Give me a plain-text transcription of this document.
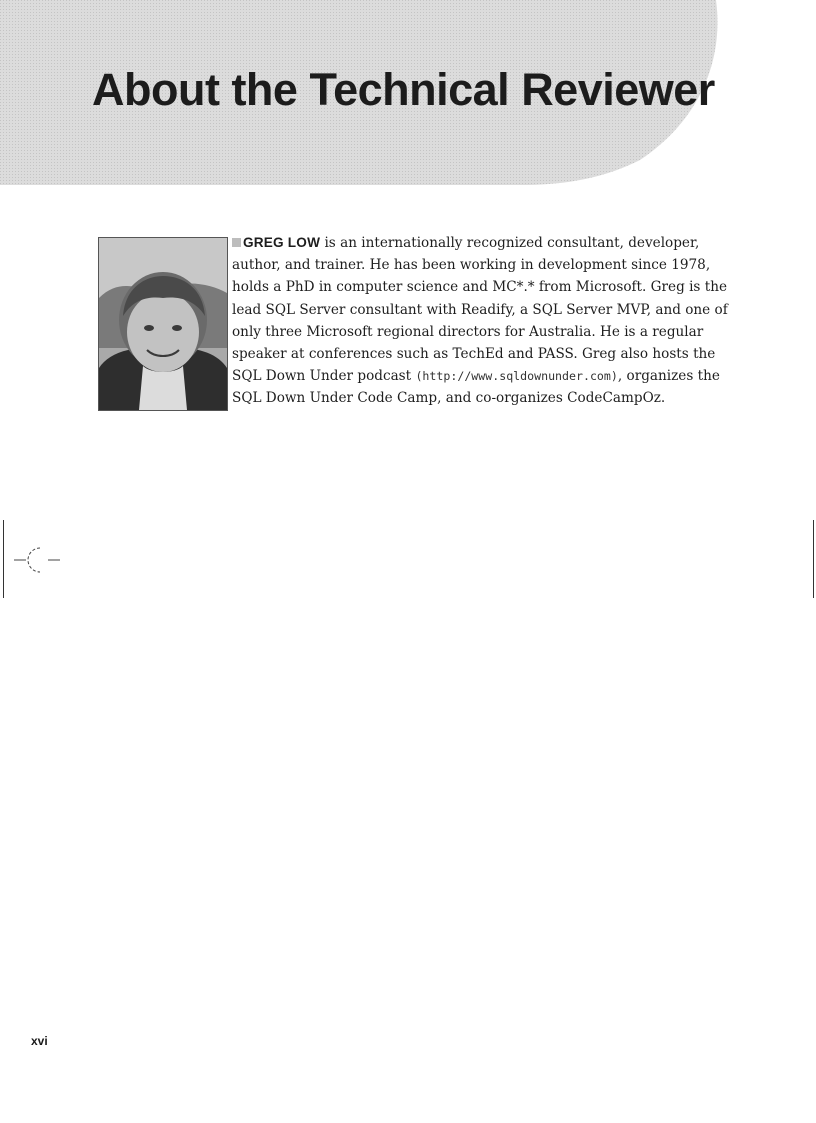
About the Technical Reviewer

GREG LOW is an internationally recognized consultant, developer, author, and trainer. He has been working in development since 1978, holds a PhD in computer science and MC*.* from Microsoft. Greg is the lead SQL Server consultant with Readify, a SQL Server MVP, and one of only three Microsoft regional directors for Australia. He is a regular speaker at conferences such as TechEd and PASS. Greg also hosts the SQL Down Under podcast (http://www.sqldownunder.com), organizes the SQL Down Under Code Camp, and co-organizes CodeCampOz.

xvi
